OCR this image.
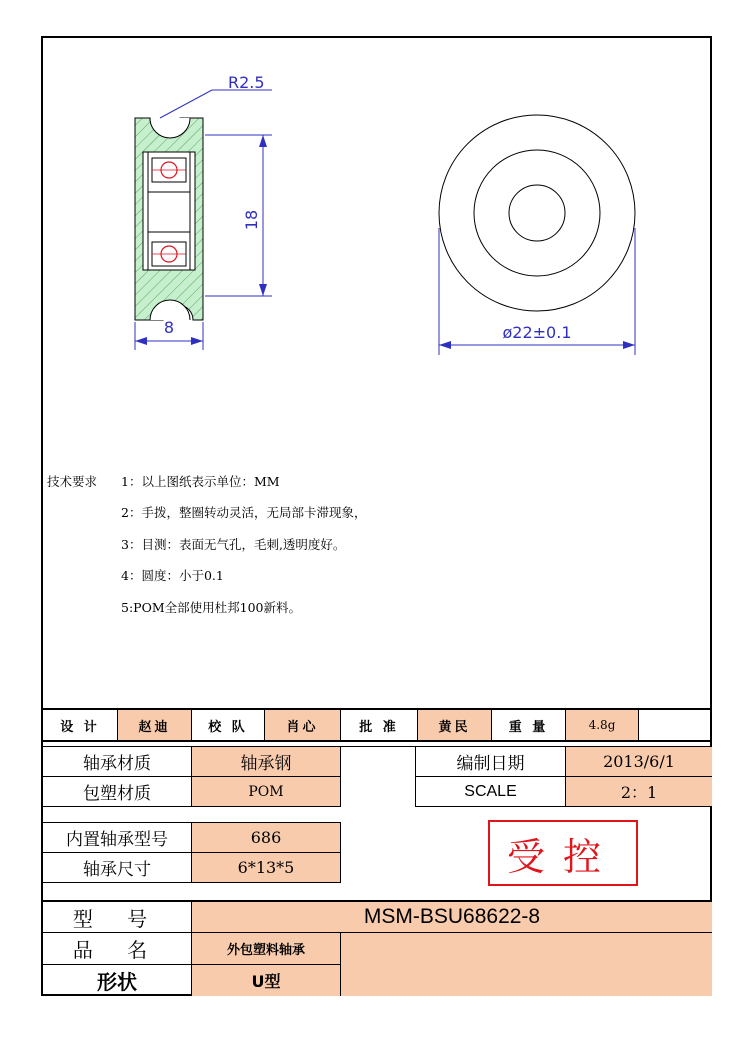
R2.5
18
8	ø22±0.1
技术要求 1：以上图纸表示单位：MM
2：手拨，整圈转动灵活，无局部卡滞现象，
3：目测：表面无气孔，毛刺,透明度好。
4：圆度：小于0.1
5:POM全部使用杜邦100新料。
设 计	赵迪	校 队	肖心	批 准	黄民	重 量	4.8g
轴承材质	轴承钢	编制日期	2013/6/1
包塑材质	POM	SCALE	2：1
内置轴承型号	686
轴承尺寸	6*13*5	受控
型 号	MSM-BSU68622-8
品 名	外包塑料轴承
形状	U型
